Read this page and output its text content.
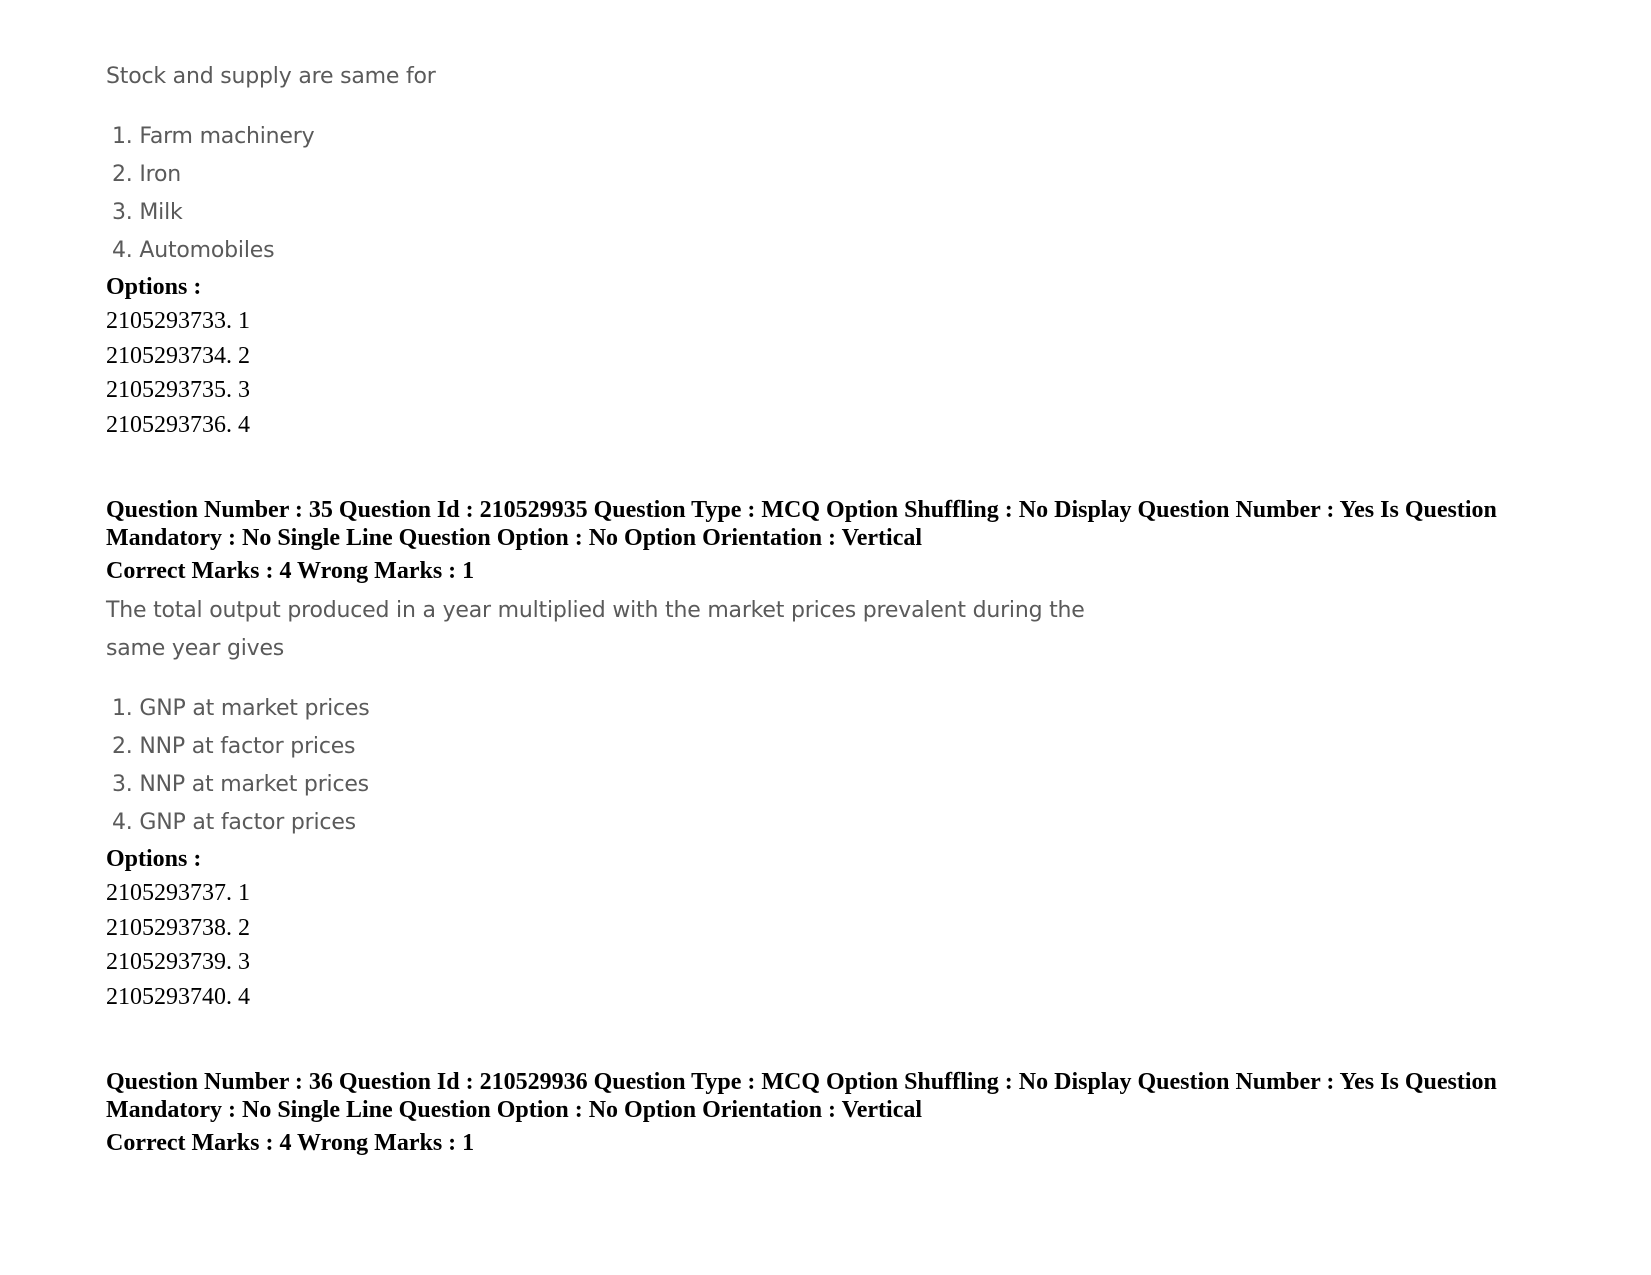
Stock and supply are same for
1. Farm machinery
2. Iron
3. Milk
4. Automobiles
Options :
2105293733. 1
2105293734. 2
2105293735. 3
2105293736. 4
Question Number : 35 Question Id : 210529935 Question Type : MCQ Option Shuffling : No Display Question Number : Yes Is Question Mandatory : No Single Line Question Option : No Option Orientation : Vertical
Correct Marks : 4 Wrong Marks : 1
The total output produced in a year multiplied with the market prices prevalent during the
same year gives
1. GNP at market prices
2. NNP at factor prices
3. NNP at market prices
4. GNP at factor prices
Options :
2105293737. 1
2105293738. 2
2105293739. 3
2105293740. 4
Question Number : 36 Question Id : 210529936 Question Type : MCQ Option Shuffling : No Display Question Number : Yes Is Question Mandatory : No Single Line Question Option : No Option Orientation : Vertical
Correct Marks : 4 Wrong Marks : 1
